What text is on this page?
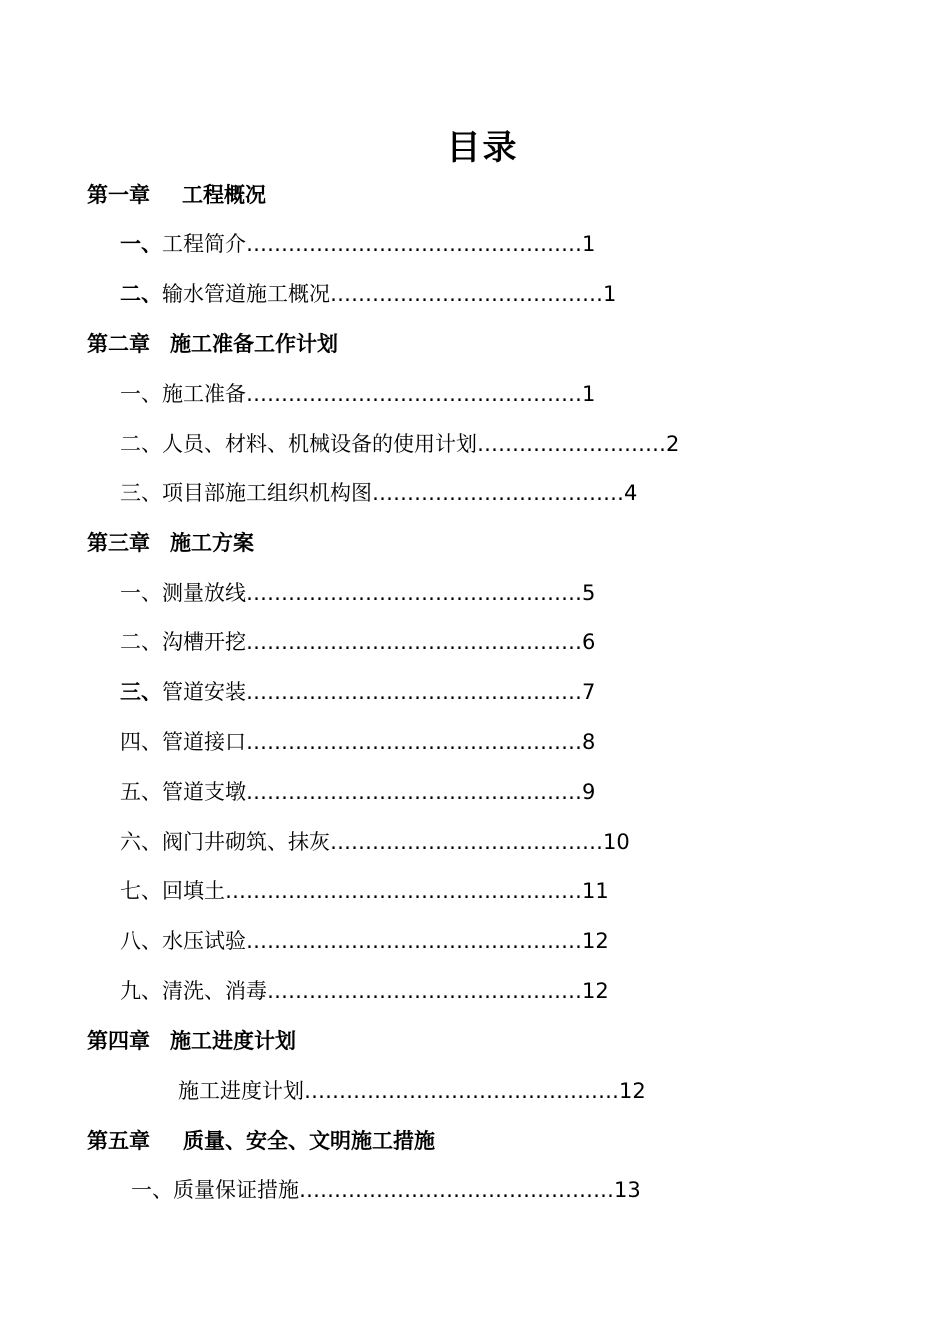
目录
第一章 工程概况
一、工程简介…………………………………………1
二、输水管道施工概况…………………………………1
第二章 施工准备工作计划
一、施工准备…………………………………………1
二、人员、材料、机械设备的使用计划………………………2
三、项目部施工组织机构图………………………………4
第三章 施工方案
一、测量放线…………………………………………5
二、沟槽开挖…………………………………………6
三、管道安装…………………………………………7
四、管道接口…………………………………………8
五、管道支墩…………………………………………9
六、阀门井砌筑、抹灰…………………………………10
七、回填土……………………………………………11
八、水压试验…………………………………………12
九、清洗、消毒………………………………………12
第四章 施工进度计划
施工进度计划………………………………………12
第五章 质量、安全、文明施工措施
一、质量保证措施………………………………………13
